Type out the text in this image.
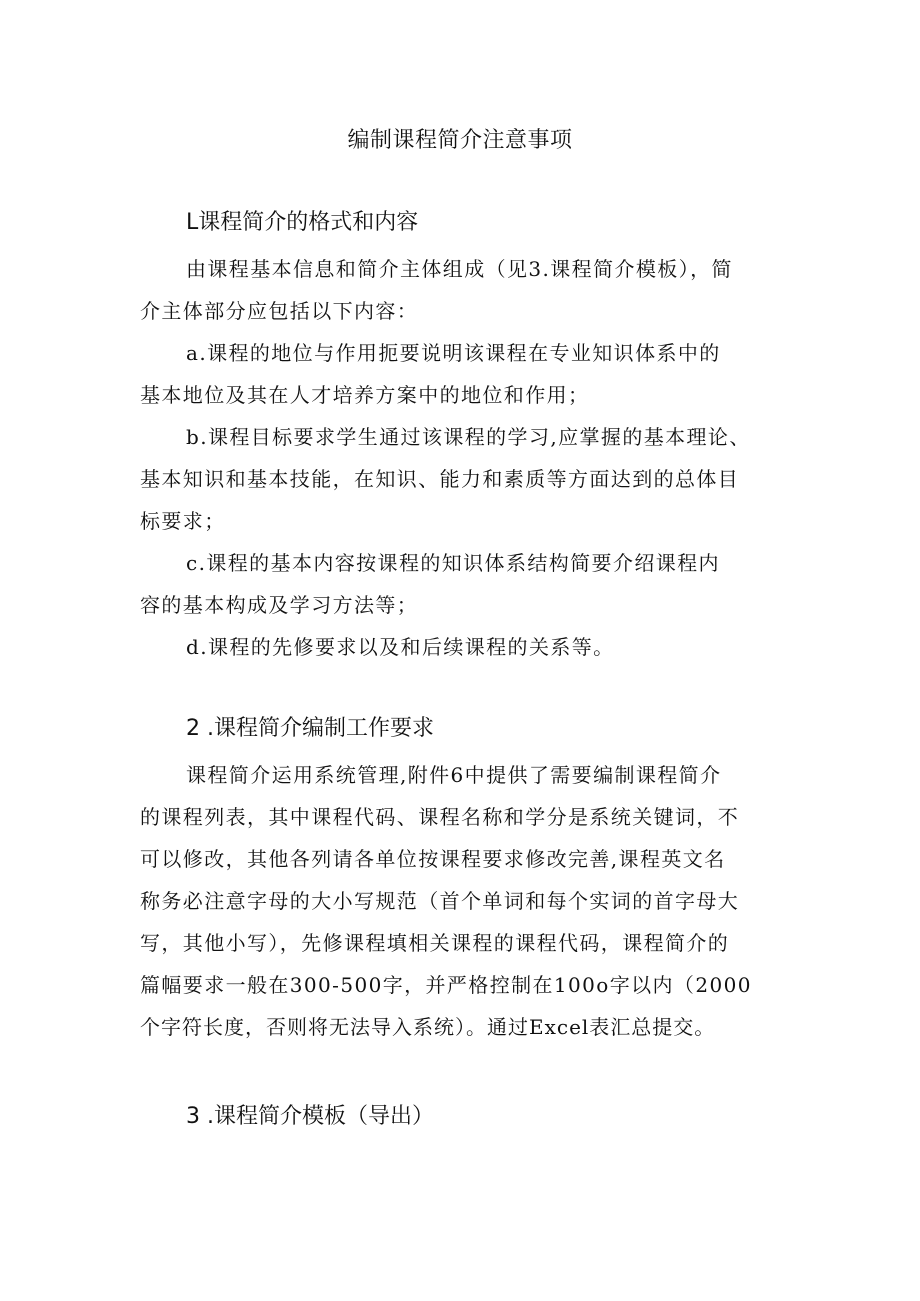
编制课程简介注意事项
L课程简介的格式和内容
由课程基本信息和简介主体组成（见3.课程简介模板），简
介主体部分应包括以下内容：
a.课程的地位与作用扼要说明该课程在专业知识体系中的
基本地位及其在人才培养方案中的地位和作用；
b.课程目标要求学生通过该课程的学习,应掌握的基本理论、
基本知识和基本技能，在知识、能力和素质等方面达到的总体目
标要求；
c.课程的基本内容按课程的知识体系结构简要介绍课程内
容的基本构成及学习方法等；
d.课程的先修要求以及和后续课程的关系等。
2 .课程简介编制工作要求
课程简介运用系统管理,附件6中提供了需要编制课程简介
的课程列表，其中课程代码、课程名称和学分是系统关键词，不
可以修改，其他各列请各单位按课程要求修改完善,课程英文名
称务必注意字母的大小写规范（首个单词和每个实词的首字母大
写，其他小写），先修课程填相关课程的课程代码，课程简介的
篇幅要求一般在300-500字，并严格控制在100o字以内（2000
个字符长度，否则将无法导入系统）。通过Excel表汇总提交。
3 .课程简介模板（导出）
